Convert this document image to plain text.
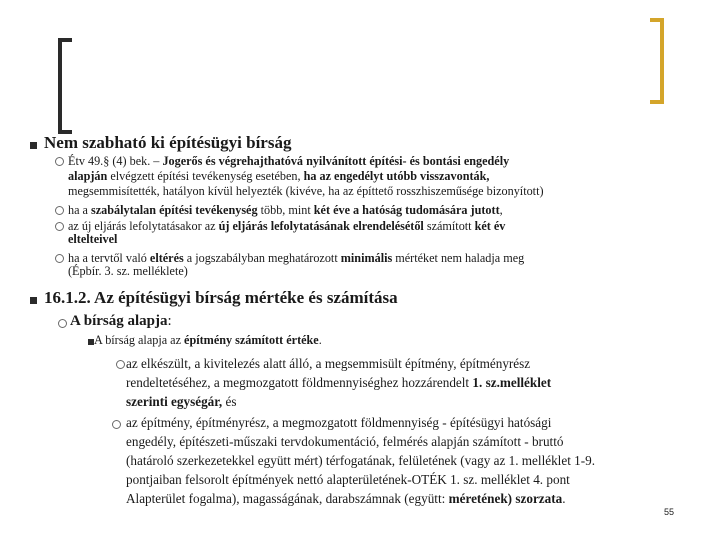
Nem szabható ki építésügyi bírság
Étv 49.§ (4) bek. – Jogerős és végrehajthatóvá nyilvánított építési- és bontási engedély
alapján elvégzett építési tevékenység esetében, ha az engedélyt utóbb visszavonták,
megsemmisítették, hatályon kívül helyezték (kivéve, ha az építtető rosszhiszeműsége bizonyított)
ha a szabálytalan építési tevékenység több, mint két éve a hatóság tudomására jutott,
az új eljárás lefolytatásakor az új eljárás lefolytatásának elrendelésétől számított két év
eltelteivel
ha a tervtől való eltérés a jogszabályban meghatározott minimális mértéket nem haladja meg
(Épbír. 3. sz. melléklete)
16.1.2. Az építésügyi bírság mértéke és számítása
A bírság alapja:
A bírság alapja az építmény számított értéke.
az elkészült, a kivitelezés alatt álló, a megsemmisült építmény, építményrész
rendeltetéséhez, a megmozgatott földmennyiséghez hozzárendelt 1. sz.melléklet
szerinti egységár, és
az építmény, építményrész, a megmozgatott földmennyiség - építésügyi hatósági
engedély, építészeti-műszaki tervdokumentáció, felmérés alapján számított - bruttó
(határoló szerkezetekkel együtt mért) térfogatának, felületének (vagy az 1. melléklet 1-9.
pontjaiban felsorolt építmények nettó alapterületének-OTÉK 1. sz. melléklet 4. pont
Alapterület fogalma), magasságának, darabszámnak (együtt: méretének) szorzata.
55
